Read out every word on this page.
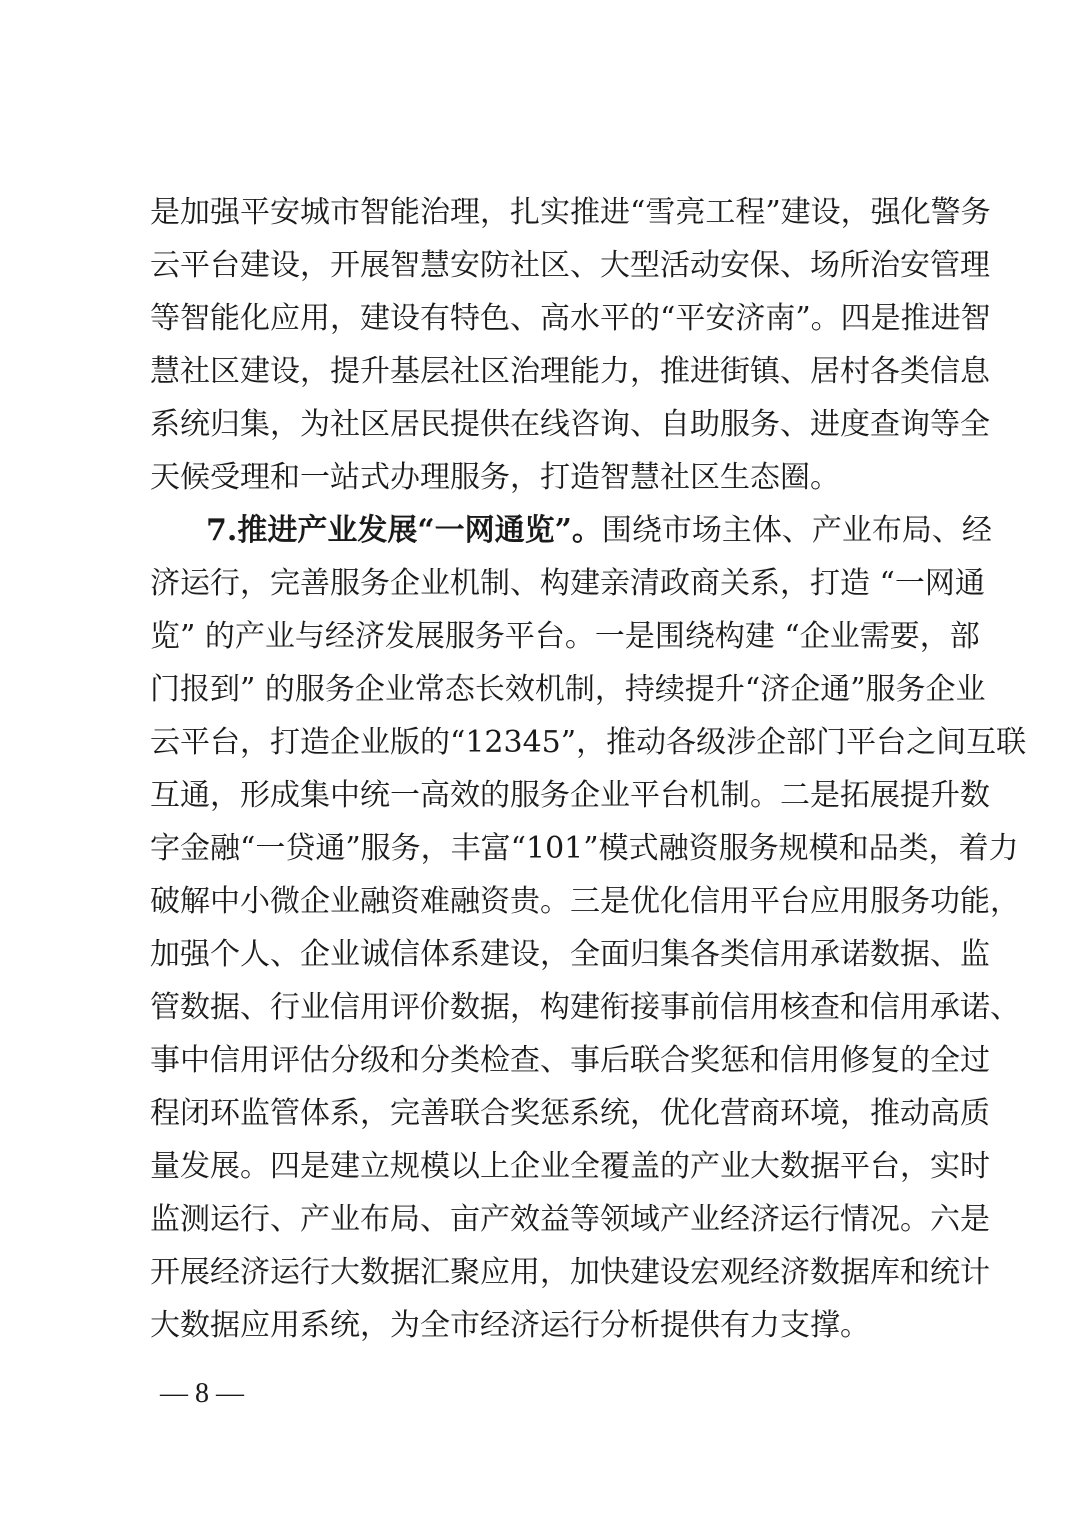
是加强平安城市智能治理，扎实推进“雪亮工程”建设，强化警务
云平台建设，开展智慧安防社区、大型活动安保、场所治安管理
等智能化应用，建设有特色、高水平的“平安济南”。四是推进智
慧社区建设，提升基层社区治理能力，推进街镇、居村各类信息
系统归集，为社区居民提供在线咨询、自助服务、进度查询等全
天候受理和一站式办理服务，打造智慧社区生态圈。
7.推进产业发展“一网通览”。围绕市场主体、产业布局、经
济运行，完善服务企业机制、构建亲清政商关系，打造 “一网通
览” 的产业与经济发展服务平台。一是围绕构建 “企业需要，部
门报到” 的服务企业常态长效机制，持续提升“济企通”服务企业
云平台，打造企业版的“12345”，推动各级涉企部门平台之间互联
互通，形成集中统一高效的服务企业平台机制。二是拓展提升数
字金融“一贷通”服务，丰富“101”模式融资服务规模和品类，着力
破解中小微企业融资难融资贵。三是优化信用平台应用服务功能，
加强个人、企业诚信体系建设，全面归集各类信用承诺数据、监
管数据、行业信用评价数据，构建衔接事前信用核查和信用承诺、
事中信用评估分级和分类检查、事后联合奖惩和信用修复的全过
程闭环监管体系，完善联合奖惩系统，优化营商环境，推动高质
量发展。四是建立规模以上企业全覆盖的产业大数据平台，实时
监测运行、产业布局、亩产效益等领域产业经济运行情况。六是
开展经济运行大数据汇聚应用，加快建设宏观经济数据库和统计
大数据应用系统，为全市经济运行分析提供有力支撑。
— 8 —
